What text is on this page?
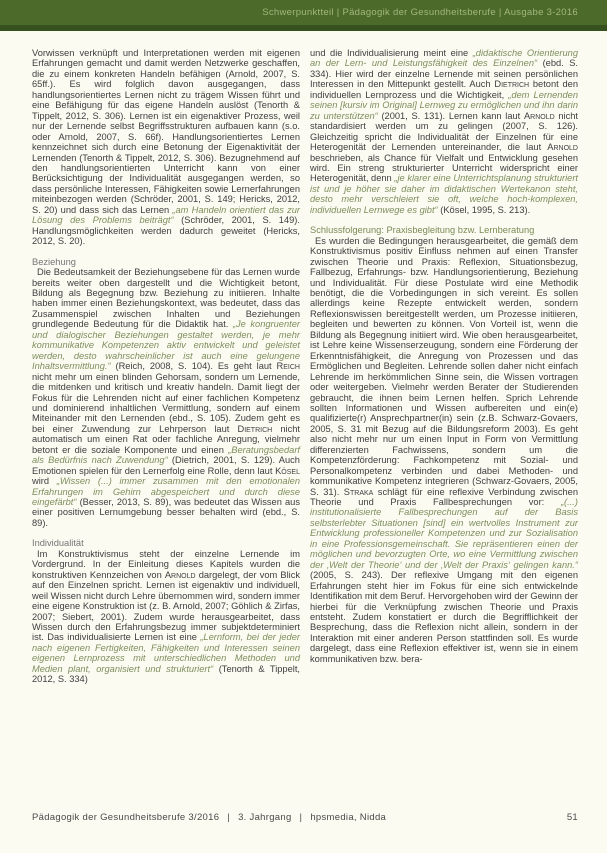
Schwerpunktteil | Pädagogik der Gesundheitsberufe | Ausgabe 3-2016

Vorwissen verknüpft und Interpretationen werden mit eigenen Erfahrungen gemacht und damit werden Netzwerke geschaffen, die zu einem konkreten Handeln befähigen (Arnold, 2007, S. 65ff.). Es wird folglich davon ausgegangen, dass handlungsorientiertes Lernen nicht zu trägem Wissen führt und eine Befähigung für das eigene Handeln auslöst (Tenorth & Tippelt, 2012, S. 306). Lernen ist ein eigenaktiver Prozess, weil nur der Lernende selbst Begriffsstrukturen aufbauen kann (s.o. oder Arnold, 2007, S. 66f). Handlungsorientiertes Lernen kennzeichnet sich durch eine Betonung der Eigenaktivität der Lernenden (Tenorth & Tippelt, 2012, S. 306). Bezugnehmend auf den handlungsorientierten Unterricht kann von einer Berücksichtigung der Individualität ausgegangen werden, so dass persönliche Interessen, Fähigkeiten sowie Lernerfahrungen miteinbezogen werden (Schröder, 2001, S. 149; Hericks, 2012, S. 20) und dass sich das Lernen „am Handeln orientiert das zur Lösung des Problems beiträgt“ (Schröder, 2001, S. 149). Handlungsmöglichkeiten werden dadurch geweitet (Hericks, 2012, S. 20).

Beziehung

Die Bedeutsamkeit der Beziehungsebene für das Lernen wurde bereits weiter oben dargestellt und die Wichtigkeit betont, Bildung als Begegnung bzw. Beziehung zu initiieren. Inhalte haben immer einen Beziehungskontext, was bedeutet, dass das Zusammenspiel zwischen Inhalten und Beziehungen grundlegende Bedeutung für die Didaktik hat. „Je kongruenter und dialogischer Beziehungen gestaltet werden, je mehr kommunikative Kompetenzen aktiv entwickelt und geleistet werden, desto wahrscheinlicher ist auch eine gelungene Inhaltsvermittlung.“ (Reich, 2008, S. 104). Es geht laut Reich nicht mehr um einen blinden Gehorsam, sondern um Lernende, die mitdenken und kritisch und kreativ handeln. Damit liegt der Fokus für die Lehrenden nicht auf einer fachlichen Kompetenz und dominierend inhaltlichen Vermittlung, sondern auf einem Miteinander mit den Lernenden (ebd., S. 105). Zudem geht es bei einer Zuwendung zur Lehrperson laut Dietrich nicht automatisch um einen Rat oder fachliche Anregung, vielmehr betont er die soziale Komponente und einen „Beratungsbedarf als Bedürfnis nach Zuwendung“ (Dietrich, 2001, S. 129). Auch Emotionen spielen für den Lernerfolg eine Rolle, denn laut Kösel wird „Wissen (...) immer zusammen mit den emotionalen Erfahrungen im Gehirn abgespeichert und durch diese eingefärbt“ (Besser, 2013, S. 89), was bedeutet das Wissen aus einer positiven Lernumgebung besser behalten wird (ebd., S. 89).

Individualität

Im Konstruktivismus steht der einzelne Lernende im Vordergrund. In der Einleitung dieses Kapitels wurden die konstruktiven Kennzeichen von Arnold dargelegt, der vom Blick auf den Einzelnen spricht. Lernen ist eigenaktiv und individuell, weil Wissen nicht durch Lehre übernommen wird, sondern immer eine eigene Konstruktion ist (z. B. Arnold, 2007; Göhlich & Zirfas, 2007; Siebert, 2001). Zudem wurde herausgearbeitet, dass Wissen durch den Erfahrungsbezug immer subjektdeterminiert ist. Das individualisierte Lernen ist eine „Lernform, bei der jeder nach eigenen Fertigkeiten, Fähigkeiten und Interessen seinen eigenen Lernprozess mit unterschiedlichen Methoden und Medien plant, organisiert und strukturiert“ (Tenorth & Tippelt, 2012, S. 334)

und die Individualisierung meint eine „didaktische Orientierung an der Lern- und Leistungsfähigkeit des Einzelnen“ (ebd. S. 334). Hier wird der einzelne Lernende mit seinen persönlichen Interessen in den Mittepunkt gestellt. Auch Dietrich betont den individuellen Lernprozess und die Wichtigkeit, „dem Lernenden seinen [kursiv im Original] Lernweg zu ermöglichen und ihn darin zu unterstützen“ (2001, S. 131). Lernen kann laut Arnold nicht standardisiert werden um zu gelingen (2007, S. 126). Gleichzeitig spricht die Individualität der Einzelnen für eine Heterogenität der Lernenden untereinander, die laut Arnold beschrieben, als Chance für Vielfalt und Entwicklung gesehen wird. Ein streng strukturierter Unterricht widerspricht einer Heterogenität, denn „je klarer eine Unterrichtsplanung strukturiert ist und je höher sie daher im didaktischen Wertekanon steht, desto mehr verschleiert sie oft, welche hoch-komplexen, individuellen Lernwege es gibt“ (Kösel, 1995, S. 213).

Schlussfolgerung: Praxisbegleitung bzw. Lernberatung

Es wurden die Bedingungen herausgearbeitet, die gemäß dem Konstruktivismus positiv Einfluss nehmen auf einen Transfer zwischen Theorie und Praxis: Reflexion, Situationsbezug, Fallbezug, Erfahrungs- bzw. Handlungsorientierung, Beziehung und Individualität. Für diese Postulate wird eine Methodik benötigt, die die Vorbedingungen in sich vereint. Es sollen allerdings keine Rezepte entwickelt werden, sondern Reflexionswissen bereitgestellt werden, um Prozesse initiieren, begleiten und bewerten zu können. Von Vorteil ist, wenn die Bildung als Begegnung initiiert wird. Wie oben herausgearbeitet, ist Lehre keine Wissenserzeugung, sondern eine Förderung der Erkenntnisfähigkeit, die Anregung von Prozessen und das Ermöglichen und Begleiten. Lehrende sollen daher nicht einfach Lehrende im herkömmlichen Sinne sein, die Wissen vortragen oder weitergeben. Vielmehr werden Berater der Studierenden gebraucht, die ihnen beim Lernen helfen. Sprich Lehrende sollten Informationen und Wissen aufbereiten und ein(e) qualifizierte(r) Ansprechpartner(in) sein (z.B. Schwarz-Govaers, 2005, S. 31 mit Bezug auf die Bildungsreform 2003). Es geht also nicht mehr nur um einen Input in Form von Vermittlung differenzierten Fachwissens, sondern um die Kompetenzförderung: Fachkompetenz mit Sozial- und Personalkompetenz verbinden und dabei Methoden- und kommunikative Kompetenz integrieren (Schwarz-Govaers, 2005, S. 31). Straka schlägt für eine reflexive Verbindung zwischen Theorie und Praxis Fallbesprechungen vor: „(...) institutionalisierte Fallbesprechungen auf der Basis selbsterlebter Situationen [sind] ein wertvolles Instrument zur Entwicklung professioneller Kompetenzen und zur Sozialisation in eine Professionsgemeinschaft. Sie repräsentieren einen der möglichen und bevorzugten Orte, wo eine Vermittlung zwischen der ‚Welt der Theorie‘ und der ‚Welt der Praxis‘ gelingen kann.“ (2005, S. 243). Der reflexive Umgang mit den eigenen Erfahrungen steht hier im Fokus für eine sich entwickelnde Identifikation mit dem Beruf. Hervorgehoben wird der Gewinn der hierbei für die Verknüpfung zwischen Theorie und Praxis entsteht. Zudem konstatiert er durch die Begrifflichkeit der Besprechung, dass die Reflexion nicht allein, sondern in der Interaktion mit einer anderen Person stattfinden soll. Es wurde dargelegt, dass eine Reflexion effektiver ist, wenn sie in einem kommunikativen bzw. bera-

Pädagogik der Gesundheitsberufe 3/2016 | 3. Jahrgang | hpsmedia, Nidda	51
